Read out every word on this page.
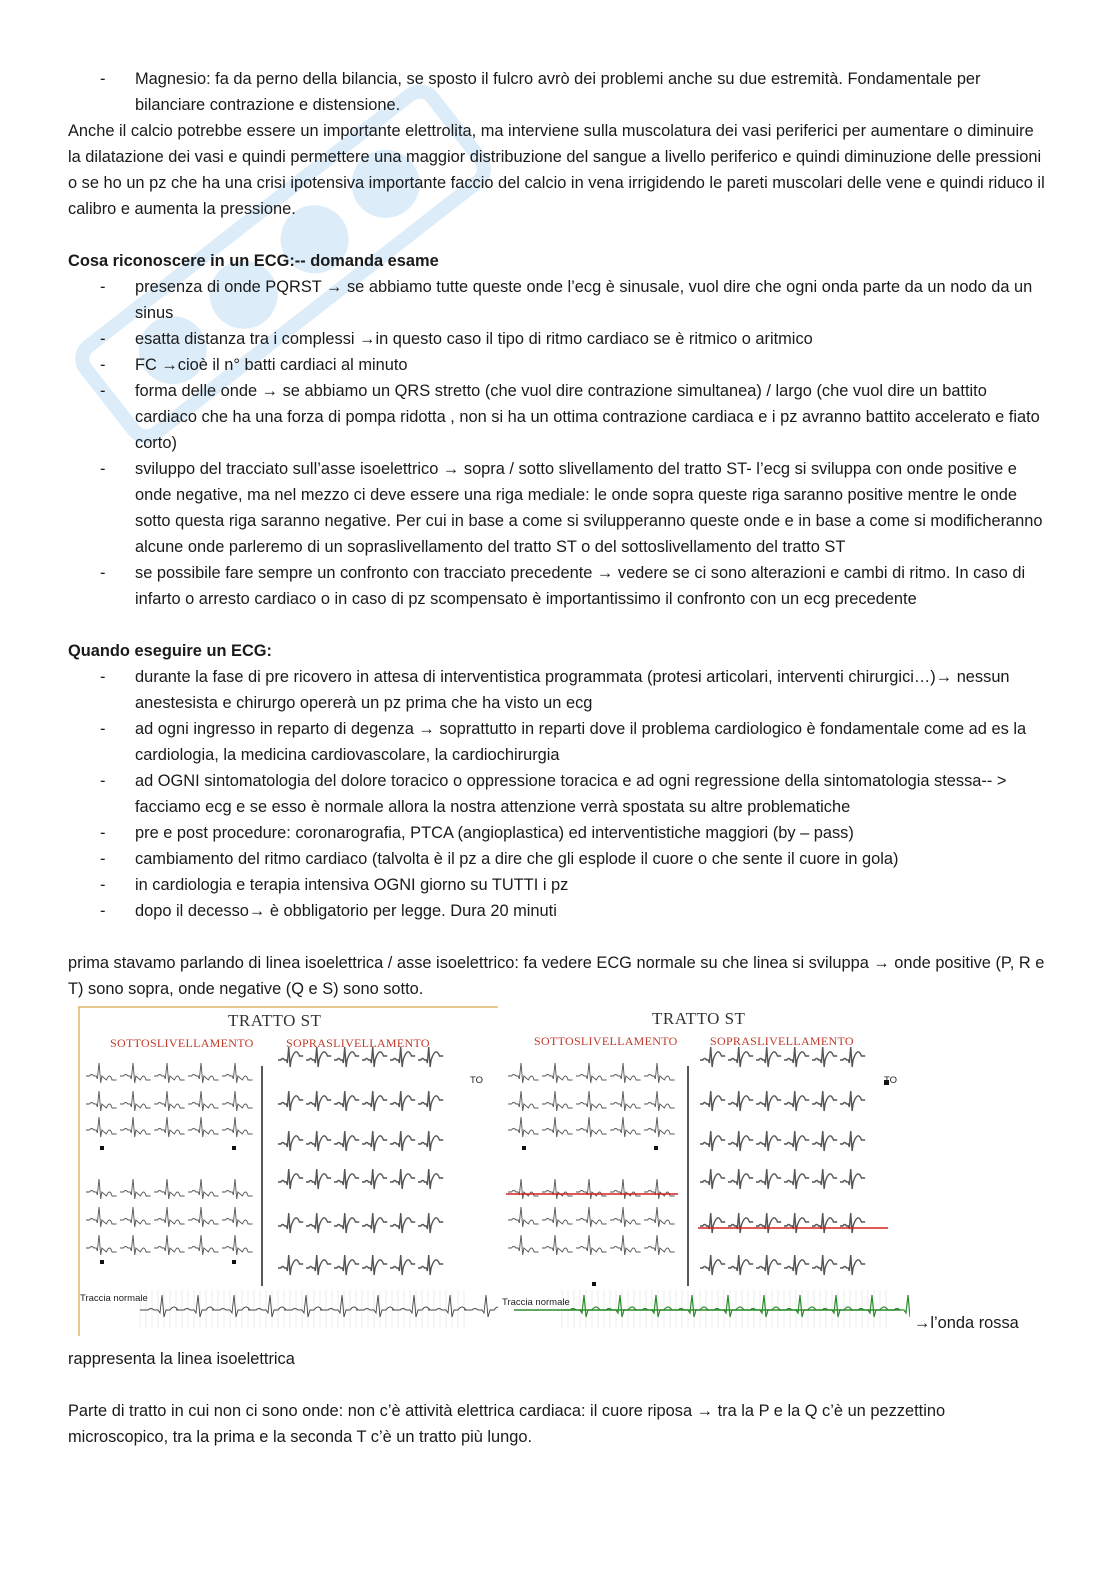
- Magnesio: fa da perno della bilancia, se sposto il fulcro avrò dei problemi anche su due estremità. Fondamentale per bilanciare contrazione e distensione.

Anche il calcio potrebbe essere un importante elettrolita, ma interviene sulla muscolatura dei vasi periferici per aumentare o diminuire la dilatazione dei vasi e quindi permettere una maggior distribuzione del sangue a livello periferico e quindi diminuzione delle pressioni o se ho un pz che ha una crisi ipotensiva importante faccio del calcio in vena irrigidendo le pareti muscolari delle vene e quindi riduco il calibro e aumenta la pressione.

Cosa riconoscere in un ECG:-- domanda esame

- presenza di onde PQRST → se abbiamo tutte queste onde l’ecg è sinusale, vuol dire che ogni onda parte da un nodo da un sinus
- esatta distanza tra i complessi →in questo caso il tipo di ritmo cardiaco se è ritmico o aritmico
- FC →cioè il n° batti cardiaci al minuto
- forma delle onde → se abbiamo un QRS stretto (che vuol dire contrazione simultanea) / largo (che vuol dire un battito cardiaco che ha una forza di pompa ridotta , non si ha un ottima contrazione cardiaca e i pz avranno battito accelerato e fiato corto)
- sviluppo del tracciato sull’asse isoelettrico → sopra / sotto slivellamento del tratto ST- l’ecg si sviluppa con onde positive e onde negative, ma nel mezzo ci deve essere una riga mediale: le onde sopra queste riga saranno positive mentre le onde sotto questa riga saranno negative. Per cui in base a come si svilupperanno queste onde e in base a come si modificheranno alcune onde parleremo di un sopraslivellamento del tratto ST o del sottoslivellamento del tratto ST
- se possibile fare sempre un confronto con tracciato precedente → vedere se ci sono alterazioni e cambi di ritmo. In caso di infarto o arresto cardiaco o in caso di pz scompensato è importantissimo il confronto con un ecg precedente

Quando eseguire un ECG:

- durante la fase di pre ricovero in attesa di interventistica programmata (protesi articolari, interventi chirurgici…)→ nessun anestesista e chirurgo opererà un pz prima che ha visto un ecg
- ad ogni ingresso in reparto di degenza → soprattutto in reparti dove il problema cardiologico è fondamentale come ad es la cardiologia, la medicina cardiovascolare, la cardiochirurgia
- ad OGNI sintomatologia del dolore toracico o oppressione toracica e ad ogni regressione della sintomatologia stessa-- > facciamo ecg e se esso è normale allora la nostra attenzione verrà spostata su altre problematiche
- pre e post procedure: coronarografia, PTCA (angioplastica) ed interventistiche maggiori (by – pass)
- cambiamento del ritmo cardiaco (talvolta è il pz a dire che gli esplode il cuore o che sente il cuore in gola)
- in cardiologia e terapia intensiva OGNI giorno su TUTTI i pz
- dopo il decesso→ è obbligatorio per legge. Dura 20 minuti

prima stavamo parlando di linea isoelettrica / asse isoelettrico: fa vedere ECG normale su che linea si sviluppa → onde positive (P, R e T) sono sopra, onde negative (Q e S) sono sotto.

TRATTO ST
SOTTOSLIVELLAMENTO	SOPRASLIVELLAMENTO
Traccia normale
TO
TRATTO ST
SOTTOSLIVELLAMENTO	SOPRASLIVELLAMENTO
Traccia normale
TO
→l’onda rossa

rappresenta la linea isoelettrica

Parte di tratto in cui non ci sono onde: non c’è attività elettrica cardiaca: il cuore riposa → tra la P e la Q c’è un pezzettino microscopico, tra la prima e la seconda T c’è un tratto più lungo.
